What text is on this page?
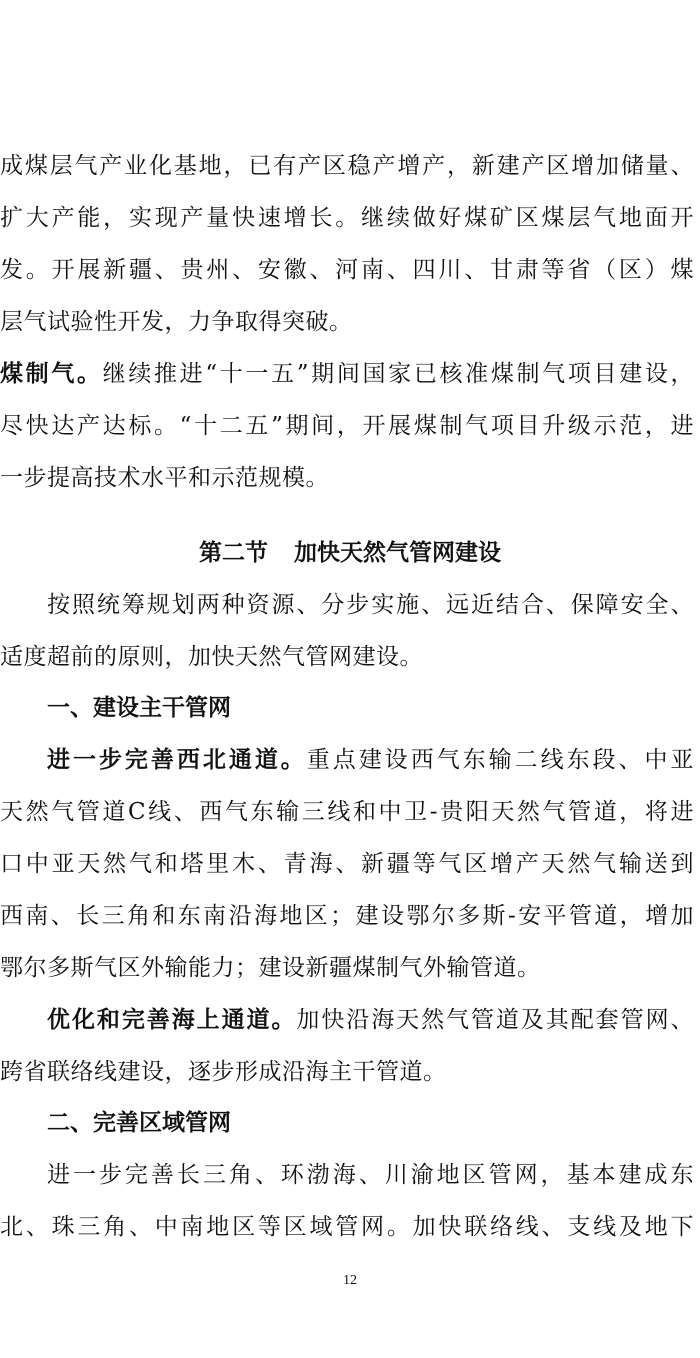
成煤层气产业化基地，已有产区稳产增产，新建产区增加储量、
扩大产能，实现产量快速增长。继续做好煤矿区煤层气地面开
发。开展新疆、贵州、安徽、河南、四川、甘肃等省（区）煤
层气试验性开发，力争取得突破。
煤制气。继续推进“十一五”期间国家已核准煤制气项目建设，
尽快达产达标。“十二五”期间，开展煤制气项目升级示范，进
一步提高技术水平和示范规模。
第二节 加快天然气管网建设
按照统筹规划两种资源、分步实施、远近结合、保障安全、
适度超前的原则，加快天然气管网建设。
一、建设主干管网
进一步完善西北通道。重点建设西气东输二线东段、中亚
天然气管道C线、西气东输三线和中卫-贵阳天然气管道，将进
口中亚天然气和塔里木、青海、新疆等气区增产天然气输送到
西南、长三角和东南沿海地区；建设鄂尔多斯-安平管道，增加
鄂尔多斯气区外输能力；建设新疆煤制气外输管道。
优化和完善海上通道。加快沿海天然气管道及其配套管网、
跨省联络线建设，逐步形成沿海主干管道。
二、完善区域管网
进一步完善长三角、环渤海、川渝地区管网，基本建成东
北、珠三角、中南地区等区域管网。加快联络线、支线及地下
12
